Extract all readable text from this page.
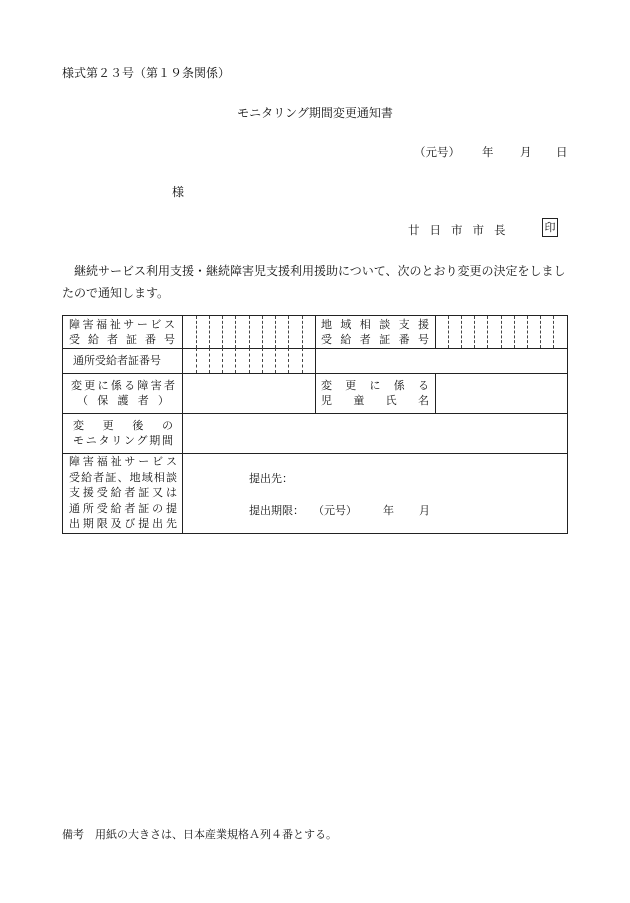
様式第２３号（第１９条関係）
モニタリング期間変更通知書
（元号） 年 月 日
様
廿日市市長	印
継続サービス利用支援・継続障害児支援利用援助について、次のとおり変更の決定をしましたので通知します。
障害福祉サービス
受給者証番号
地域相談支援
受給者証番号
通所受給者証番号
変更に係る障害者
（保護者）
変更に係る
児童氏名
変更後の
モニタリング期間
障害福祉サービス
受給者証、地域相談
支援受給者証又は
通所受給者証の提
出期限及び提出先
提出先：
提出期限： （元号） 年 月
備考　用紙の大きさは、日本産業規格Ａ列４番とする。
